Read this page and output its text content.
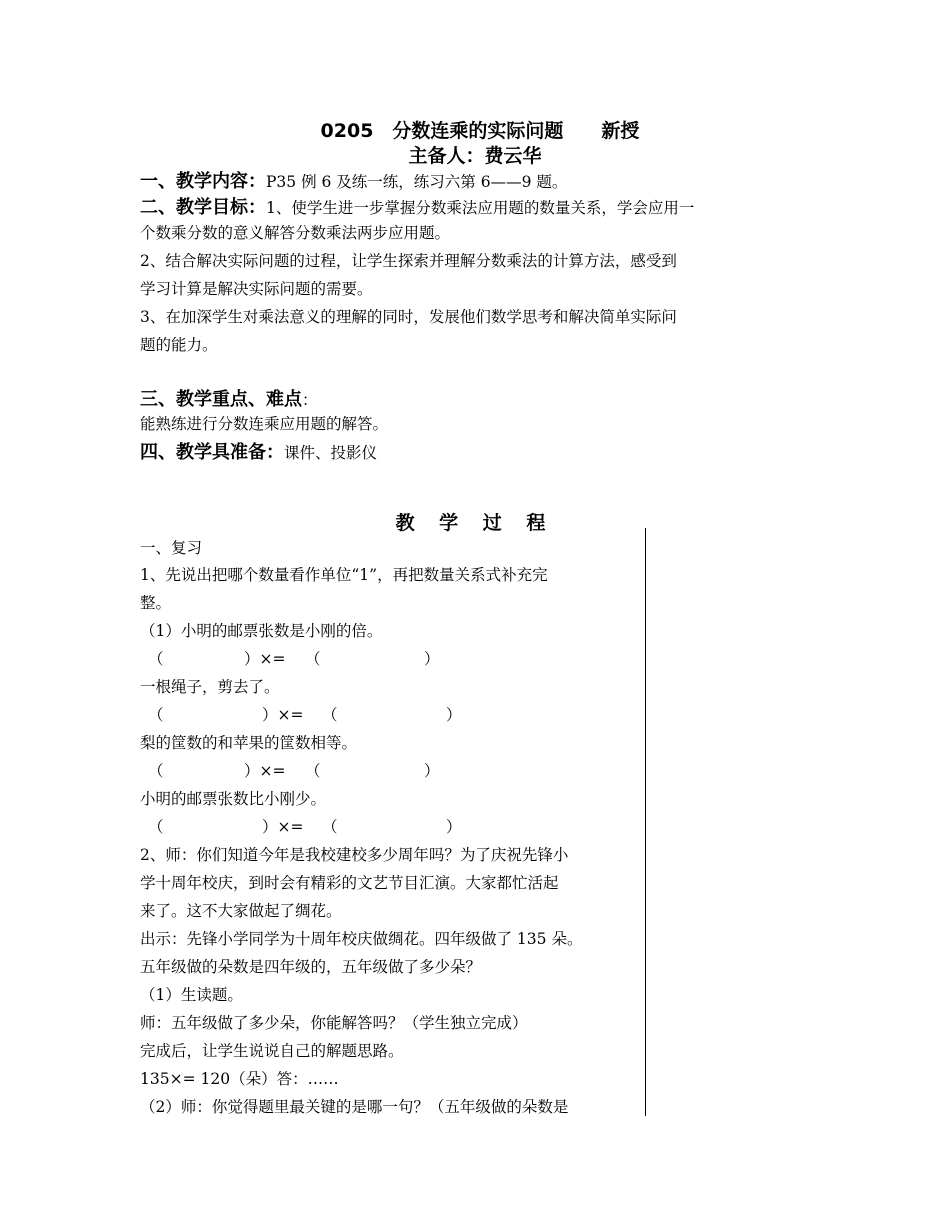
0205　分数连乘的实际问题　　新授
主备人：费云华
一、教学内容：P35 例 6 及练一练，练习六第 6——9 题。
二、教学目标：1、使学生进一步掌握分数乘法应用题的数量关系，学会应用一
个数乘分数的意义解答分数乘法两步应用题。
2、结合解决实际问题的过程，让学生探索并理解分数乘法的计算方法，感受到
学习计算是解决实际问题的需要。
3、在加深学生对乘法意义的理解的同时，发展他们数学思考和解决简单实际问
题的能力。
三、教学重点、难点：
能熟练进行分数连乘应用题的解答。
四、教学具准备：课件、投影仪
教 学 过 程
一、复习
1、先说出把哪个数量看作单位“1”，再把数量关系式补充完
整。
（1）小明的邮票张数是小刚的倍。
（	）×= （	）
一根绳子，剪去了。
（	）×= （	）
梨的筐数的和苹果的筐数相等。
（	）×= （	）
小明的邮票张数比小刚少。
（	）×= （	）
2、师：你们知道今年是我校建校多少周年吗？为了庆祝先锋小
学十周年校庆，到时会有精彩的文艺节目汇演。大家都忙活起
来了。这不大家做起了绸花。
出示：先锋小学同学为十周年校庆做绸花。四年级做了 135 朵。
五年级做的朵数是四年级的，五年级做了多少朵？
（1）生读题。
师：五年级做了多少朵，你能解答吗？（学生独立完成）
完成后，让学生说说自己的解题思路。
135×= 120（朵）答：……
（2）师：你觉得题里最关键的是哪一句？（五年级做的朵数是
